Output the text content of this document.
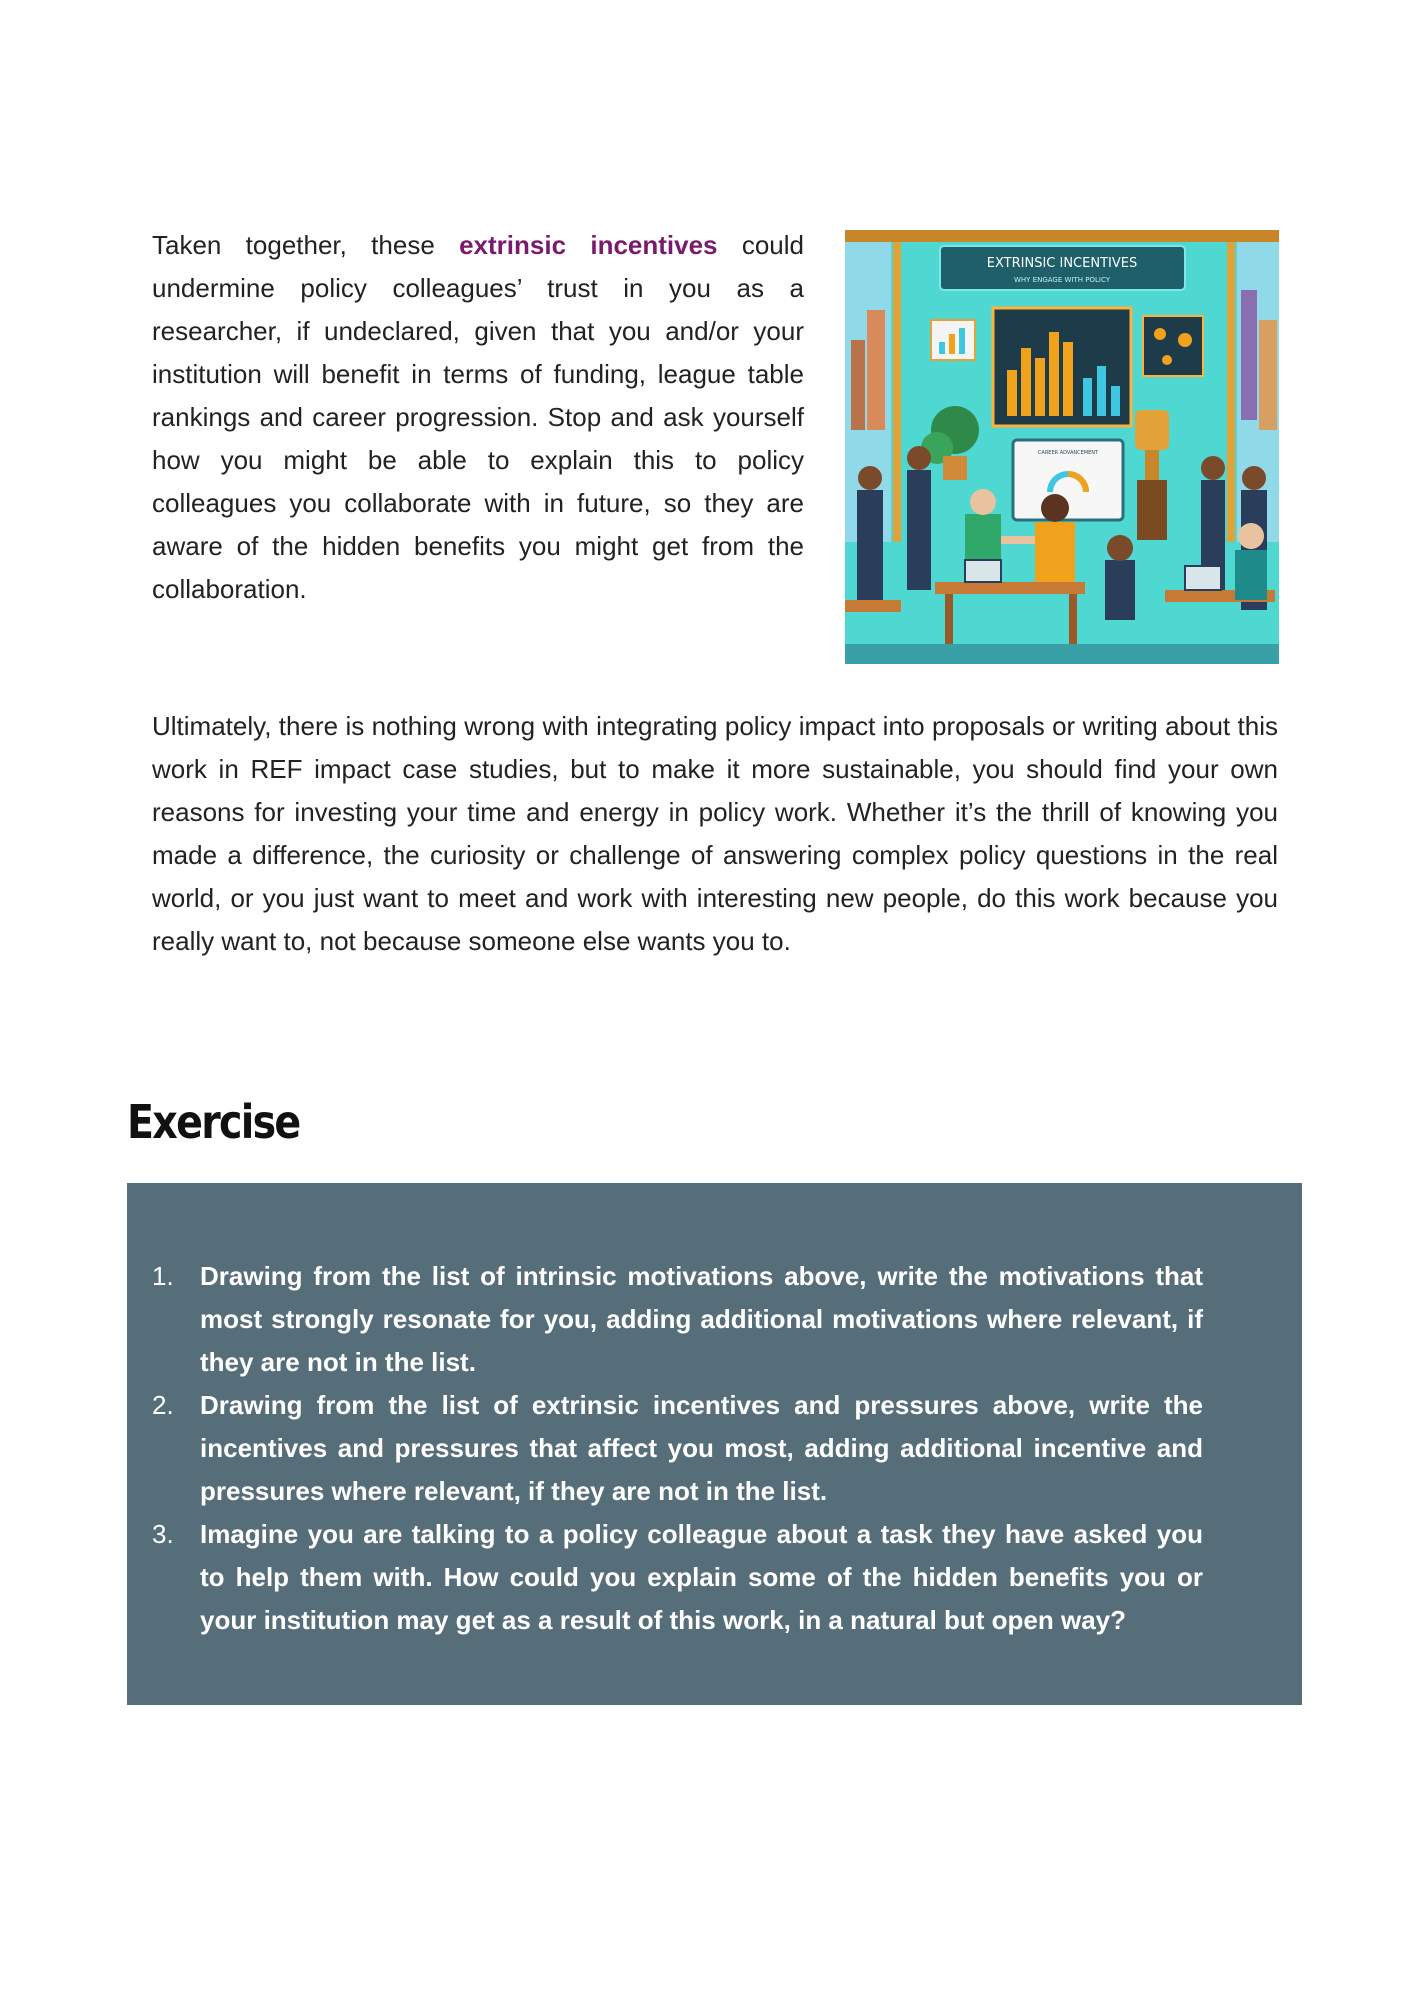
Taken together, these extrinsic incentives could undermine policy colleagues’ trust in you as a researcher, if undeclared, given that you and/or your institution will benefit in terms of funding, league table rankings and career progression. Stop and ask yourself how you might be able to explain this to policy colleagues you collaborate with in future, so they are aware of the hidden benefits you might get from the collaboration.

EXTRINSIC INCENTIVES
WHY ENGAGE WITH POLICY
CAREER ADVANCEMENT

Ultimately, there is nothing wrong with integrating policy impact into proposals or writing about this work in REF impact case studies, but to make it more sustainable, you should find your own reasons for investing your time and energy in policy work. Whether it’s the thrill of knowing you made a difference, the curiosity or challenge of answering complex policy questions in the real world, or you just want to meet and work with interesting new people, do this work because you really want to, not because someone else wants you to.

Exercise
1.	Drawing from the list of intrinsic motivations above, write the motivations that most strongly resonate for you, adding additional motivations where relevant, if they are not in the list.
2.	Drawing from the list of extrinsic incentives and pressures above, write the incentives and pressures that affect you most, adding additional incentive and pressures where relevant, if they are not in the list.
3.	Imagine you are talking to a policy colleague about a task they have asked you to help them with. How could you explain some of the hidden benefits you or your institution may get as a result of this work, in a natural but open way?
